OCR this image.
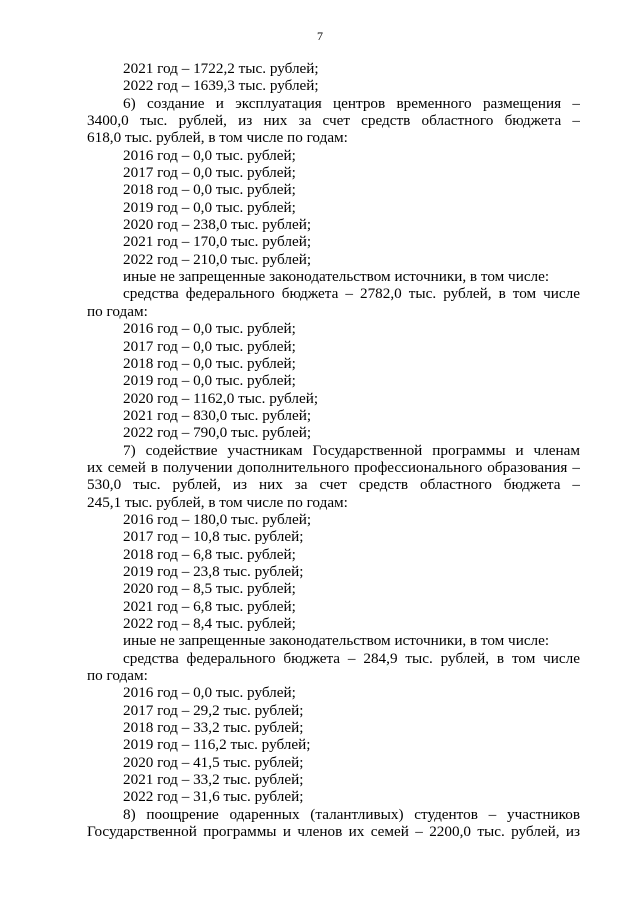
7
2021 год – 1722,2 тыс. рублей;
2022 год – 1639,3 тыс. рублей;
6) создание и эксплуатация центров временного размещения –
3400,0 тыс. рублей, из них за счет средств областного бюджета –
618,0 тыс. рублей, в том числе по годам:
2016 год – 0,0 тыс. рублей;
2017 год – 0,0 тыс. рублей;
2018 год – 0,0 тыс. рублей;
2019 год – 0,0 тыс. рублей;
2020 год – 238,0 тыс. рублей;
2021 год – 170,0 тыс. рублей;
2022 год – 210,0 тыс. рублей;
иные не запрещенные законодательством источники, в том числе:
средства федерального бюджета – 2782,0 тыс. рублей, в том числе
по годам:
2016 год – 0,0 тыс. рублей;
2017 год – 0,0 тыс. рублей;
2018 год – 0,0 тыс. рублей;
2019 год – 0,0 тыс. рублей;
2020 год – 1162,0 тыс. рублей;
2021 год – 830,0 тыс. рублей;
2022 год – 790,0 тыс. рублей;
7) содействие участникам Государственной программы и членам
их семей в получении дополнительного профессионального образования –
530,0 тыс. рублей, из них за счет средств областного бюджета –
245,1 тыс. рублей, в том числе по годам:
2016 год – 180,0 тыс. рублей;
2017 год – 10,8 тыс. рублей;
2018 год – 6,8 тыс. рублей;
2019 год – 23,8 тыс. рублей;
2020 год – 8,5 тыс. рублей;
2021 год – 6,8 тыс. рублей;
2022 год – 8,4 тыс. рублей;
иные не запрещенные законодательством источники, в том числе:
средства федерального бюджета – 284,9 тыс. рублей, в том числе
по годам:
2016 год – 0,0 тыс. рублей;
2017 год – 29,2 тыс. рублей;
2018 год – 33,2 тыс. рублей;
2019 год – 116,2 тыс. рублей;
2020 год – 41,5 тыс. рублей;
2021 год – 33,2 тыс. рублей;
2022 год – 31,6 тыс. рублей;
8) поощрение одаренных (талантливых) студентов – участников
Государственной программы и членов их семей – 2200,0 тыс. рублей, из
